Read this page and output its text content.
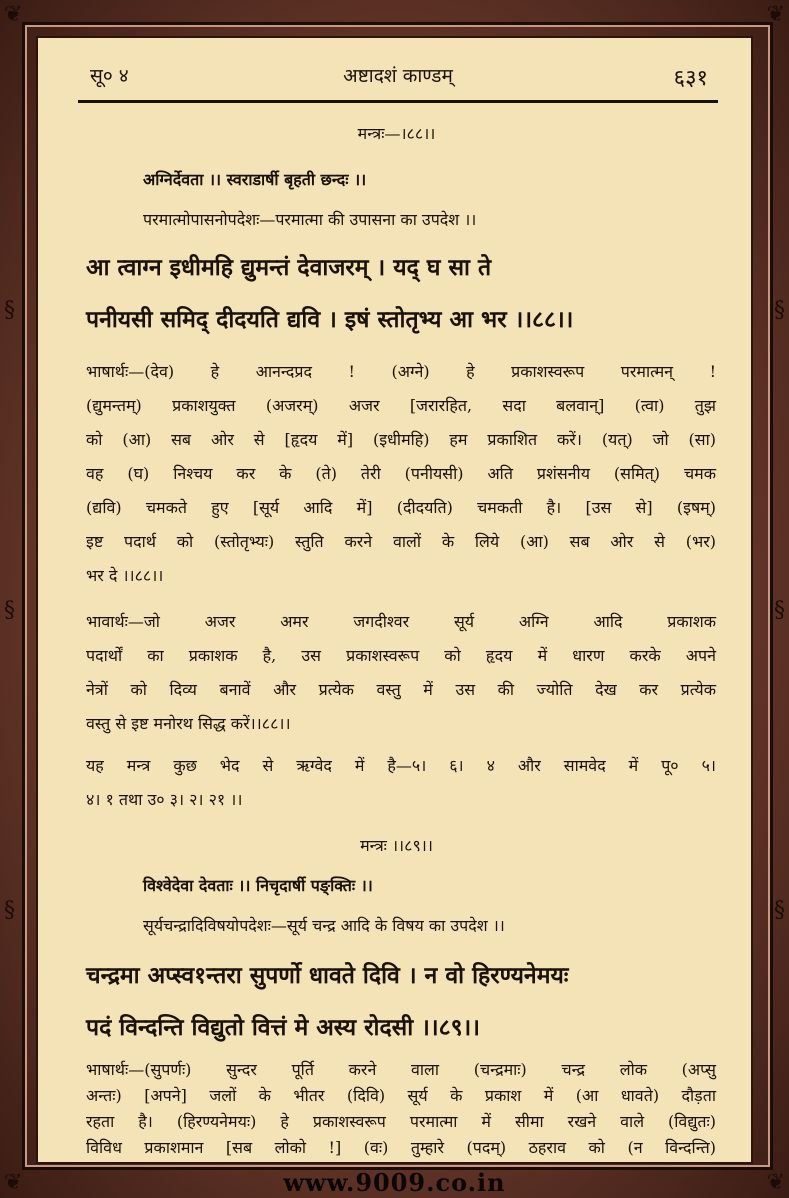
❦	❦
❦	❦
§
§
§
§
§
§
सू० ४	अष्टादशं काण्डम्	६३१
मन्त्रः—।८८।।
अग्निर्देवता ।। स्वराडार्षी बृहती छन्दः ।।
परमात्मोपासनोपदेशः—परमात्मा की उपासना का उपदेश ।।
आ त्वाग्न इधीमहि द्युमन्तं देवाजरम् । यद् घ सा ते
पनीयसी समिद् दीदयति द्यवि । इषं स्तोतृभ्य आ भर ।।८८।।
भाषार्थः—(देव) हे आनन्दप्रद ! (अग्ने) हे प्रकाशस्वरूप परमात्मन् !
(द्युमन्तम्) प्रकाशयुक्त (अजरम्) अजर [जरारहित, सदा बलवान्] (त्वा) तुझ
को (आ) सब ओर से [हृदय में] (इधीमहि) हम प्रकाशित करें। (यत्) जो (सा)
वह (घ) निश्चय कर के (ते) तेरी (पनीयसी) अति प्रशंसनीय (समित्) चमक
(द्यवि) चमकते हुए [सूर्य आदि में] (दीदयति) चमकती है। [उस से] (इषम्)
इष्ट पदार्थ को (स्तोतृभ्यः) स्तुति करने वालों के लिये (आ) सब ओर से (भर)
भर दे ।।८८।।
भावार्थः—जो अजर अमर जगदीश्वर सूर्य अग्नि आदि प्रकाशक
पदार्थों का प्रकाशक है, उस प्रकाशस्वरूप को हृदय में धारण करके अपने
नेत्रों को दिव्य बनावें और प्रत्येक वस्तु में उस की ज्योति देख कर प्रत्येक
वस्तु से इष्ट मनोरथ सिद्ध करें।।८८।।
यह मन्त्र कुछ भेद से ऋग्वेद में है—५। ६। ४ और सामवेद में पू० ५।
४। १ तथा उ० ३। २। २१ ।।
मन्त्रः ।।८९।।
विश्वेदेवा देवताः ।। निचृदार्षी पङ्क्तिः ।।
सूर्यचन्द्रादिविषयोपदेशः—सूर्य चन्द्र आदि के विषय का उपदेश ।।
चन्द्रमा अप्स्व१न्तरा सुपर्णो धावते दिवि । न वो हिरण्यनेमयः
पदं विन्दन्ति विद्युतो वित्तं मे अस्य रोदसी ।।८९।।
भाषार्थः—(सुपर्णः) सुन्दर पूर्ति करने वाला (चन्द्रमाः) चन्द्र लोक (अप्सु
अन्तः) [अपने] जलों के भीतर (दिवि) सूर्य के प्रकाश में (आ धावते) दौड़ता
रहता है। (हिरण्यनेमयः) हे प्रकाशस्वरूप परमात्मा में सीमा रखने वाले (विद्युतः)
विविध प्रकाशमान [सब लोको !] (वः) तुम्हारे (पदम्) ठहराव को (न विन्दन्ति)
www.9009.co.in
